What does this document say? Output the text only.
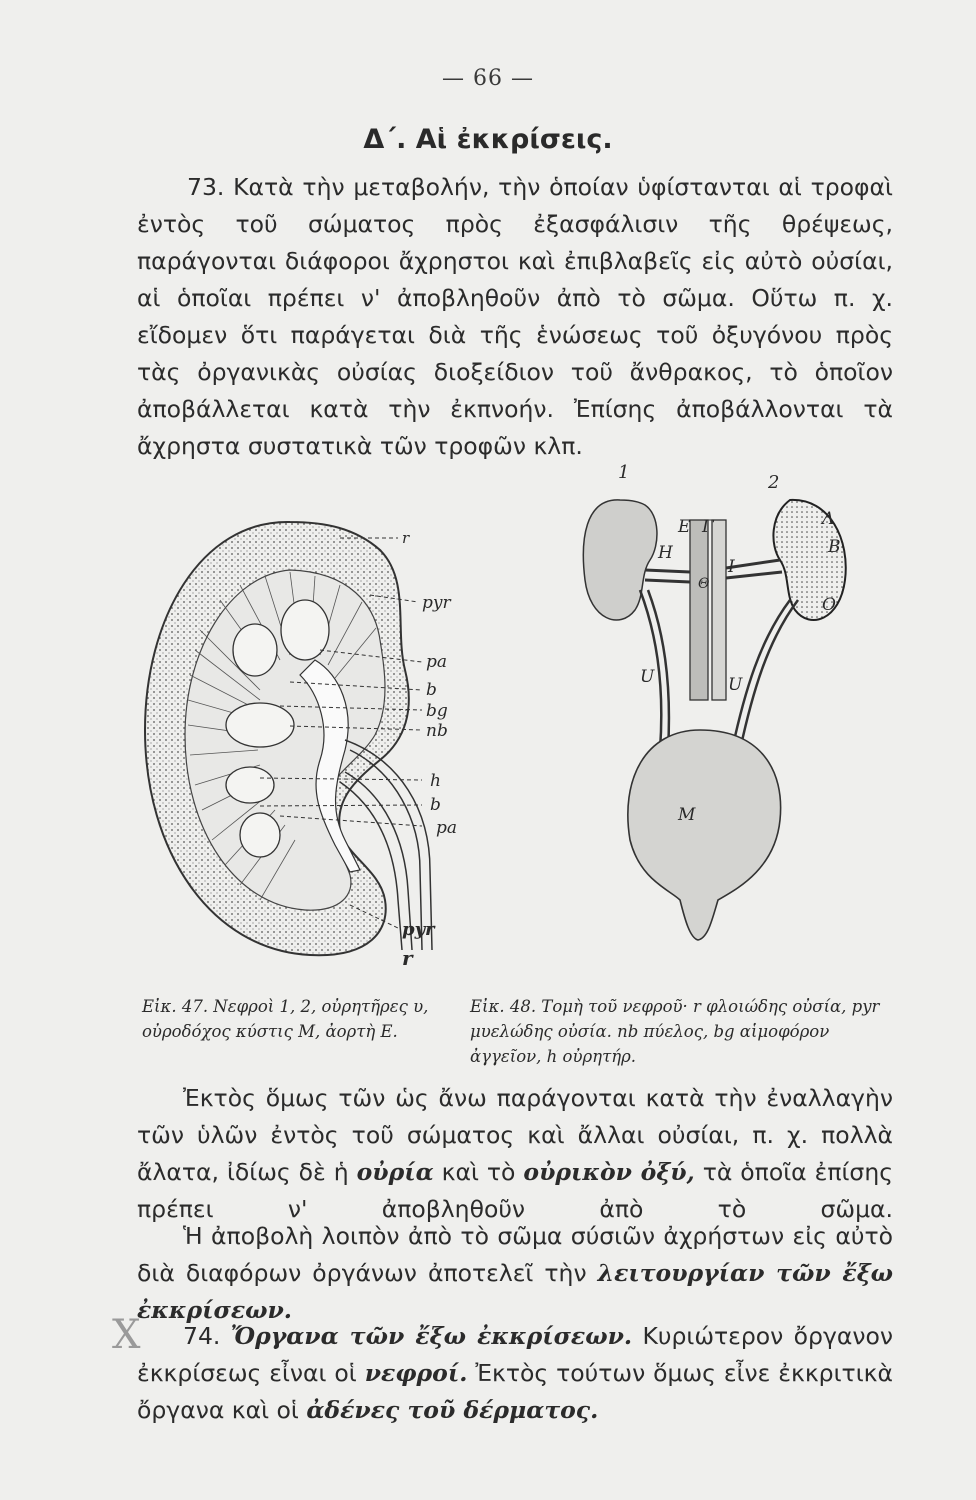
— 66 —
Δ΄. Αἱ ἐκκρίσεις.
73. Κατὰ τὴν μεταβολήν, τὴν ὁποίαν ὑφίστανται αἱ τροφαὶ ἐντὸς τοῦ σώματος πρὸς ἐξασφάλισιν τῆς θρέψεως, παράγονται διάφοροι ἄχρηστοι καὶ ἐπιβλαβεῖς εἰς αὐτὸ οὐσίαι, αἱ ὁποῖαι πρέπει ν' ἀποβληθοῦν ἀπὸ τὸ σῶμα. Οὕτω π. χ. εἴδομεν ὅτι παράγεται διὰ τῆς ἑνώσεως τοῦ ὀξυγόνου πρὸς τὰς ὀργανικὰς οὐσίας διοξείδιον τοῦ ἄνθρακος, τὸ ὁποῖον ἀποβάλλεται κατὰ τὴν ἐκπνοήν. Ἐπίσης ἀποβάλλονται τὰ ἄχρηστα συστατικὰ τῶν τροφῶν κλπ.
r
pyr
pa
b
bg
nb
h
b
pa
pyr
r
1	2
Ε Γ
Η
Θ
Ι
Λ
Β
Ο
U	U
M
Εἰκ. 47. Νεφροὶ 1, 2, οὐρητῆρες υ, οὐροδόχος κύστις Μ, ἀορτὴ Ε.
Εἰκ. 48. Τομὴ τοῦ νεφροῦ· r φλοιώδης οὐσία, pyr μυελώδης οὐσία. nb πύελος, bg αἱμοφόρον ἀγγεῖον, h οὐρητήρ.
Ἐκτὸς ὅμως τῶν ὡς ἄνω παράγονται κατὰ τὴν ἐναλλαγὴν τῶν ὑλῶν ἐντὸς τοῦ σώματος καὶ ἄλλαι οὐσίαι, π. χ. πολλὰ ἄλατα, ἰδίως δὲ ἡ οὐρία καὶ τὸ οὐρικὸν ὀξύ, τὰ ὁποῖα ἐπίσης πρέπει ν' ἀποβληθοῦν ἀπὸ τὸ σῶμα.
Ἡ ἀποβολὴ λοιπὸν ἀπὸ τὸ σῶμα σύσιῶν ἀχρήστων εἰς αὐτὸ διὰ διαφόρων ὀργάνων ἀποτελεῖ τὴν λειτουργίαν τῶν ἔξω ἐκκρίσεων.
74. Ὄργανα τῶν ἔξω ἐκκρίσεων. Κυριώτερον ὄργανον ἐκκρίσεως εἶναι οἱ νεφροί. Ἐκτὸς τούτων ὅμως εἶνε ἐκκριτικὰ ὄργανα καὶ οἱ ἀδένες τοῦ δέρματος.
X
